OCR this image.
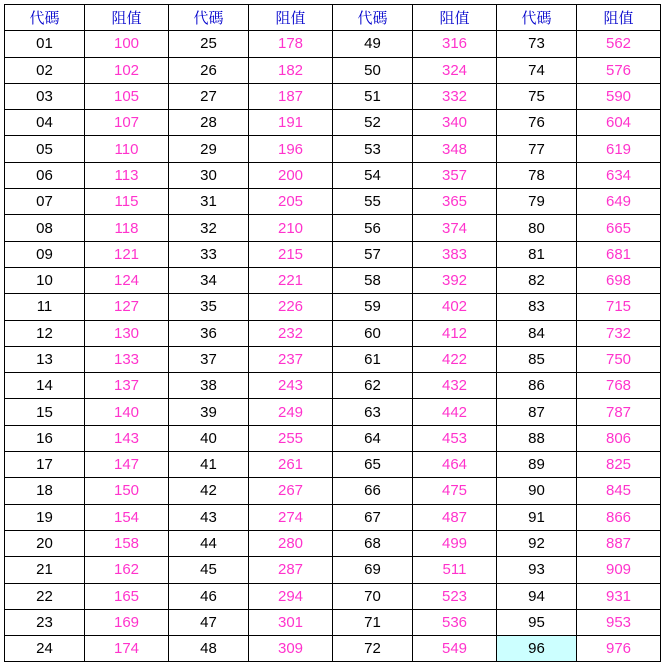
代碼	阻值	代碼	阻值	代碼	阻值	代碼	阻值
01	100	25	178	49	316	73	562
02	102	26	182	50	324	74	576
03	105	27	187	51	332	75	590
04	107	28	191	52	340	76	604
05	110	29	196	53	348	77	619
06	113	30	200	54	357	78	634
07	115	31	205	55	365	79	649
08	118	32	210	56	374	80	665
09	121	33	215	57	383	81	681
10	124	34	221	58	392	82	698
11	127	35	226	59	402	83	715
12	130	36	232	60	412	84	732
13	133	37	237	61	422	85	750
14	137	38	243	62	432	86	768
15	140	39	249	63	442	87	787
16	143	40	255	64	453	88	806
17	147	41	261	65	464	89	825
18	150	42	267	66	475	90	845
19	154	43	274	67	487	91	866
20	158	44	280	68	499	92	887
21	162	45	287	69	511	93	909
22	165	46	294	70	523	94	931
23	169	47	301	71	536	95	953
24	174	48	309	72	549	96	976
